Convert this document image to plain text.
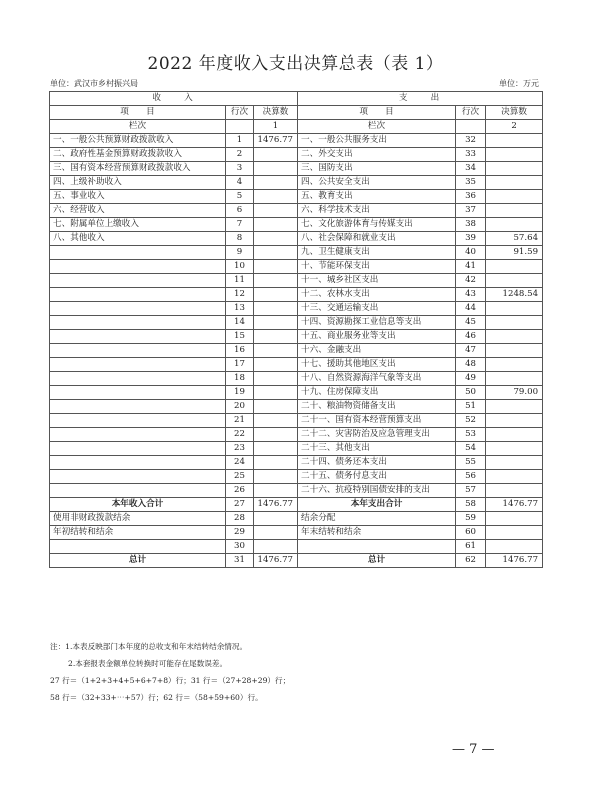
2022 年度收入支出决算总表（表 1）
单位：武汉市乡村振兴局	单位：万元
收　　入			支　　出		
项　　目	行次	决算数	项　　目	行次	决算数
栏次		1	栏次		2
一、一般公共预算财政拨款收入	1	1476.77	一、一般公共服务支出	32	
二、政府性基金预算财政拨款收入	2		二、外交支出	33	
三、国有资本经营预算财政拨款收入	3		三、国防支出	34	
四、上级补助收入	4		四、公共安全支出	35	
五、事业收入	5		五、教育支出	36	
六、经营收入	6		六、科学技术支出	37	
七、附属单位上缴收入	7		七、文化旅游体育与传媒支出	38	
八、其他收入	8		八、社会保障和就业支出	39	57.64
	9		九、卫生健康支出	40	91.59
	10		十、节能环保支出	41	
	11		十一、城乡社区支出	42	
	12		十二、农林水支出	43	1248.54
	13		十三、交通运输支出	44	
	14		十四、资源勘探工业信息等支出	45	
	15		十五、商业服务业等支出	46	
	16		十六、金融支出	47	
	17		十七、援助其他地区支出	48	
	18		十八、自然资源海洋气象等支出	49	
	19		十九、住房保障支出	50	79.00
	20		二十、粮油物资储备支出	51	
	21		二十一、国有资本经营预算支出	52	
	22		二十二、灾害防治及应急管理支出	53	
	23		二十三、其他支出	54	
	24		二十四、债务还本支出	55	
	25		二十五、债务付息支出	56	
	26		二十六、抗疫特别国债安排的支出	57	
本年收入合计	27	1476.77	本年支出合计	58	1476.77
使用非财政拨款结余	28		结余分配	59	
年初结转和结余	29		年末结转和结余	60	
	30			61	
总计	31	1476.77	总计	62	1476.77
注：1.本表反映部门本年度的总收支和年末结转结余情况。
2.本套报表金额单位转换时可能存在尾数误差。
27 行＝（1+2+3+4+5+6+7+8）行；31 行＝（27+28+29）行；
58 行＝（32+33+⋯+57）行；62 行＝（58+59+60）行。
— 7 —
